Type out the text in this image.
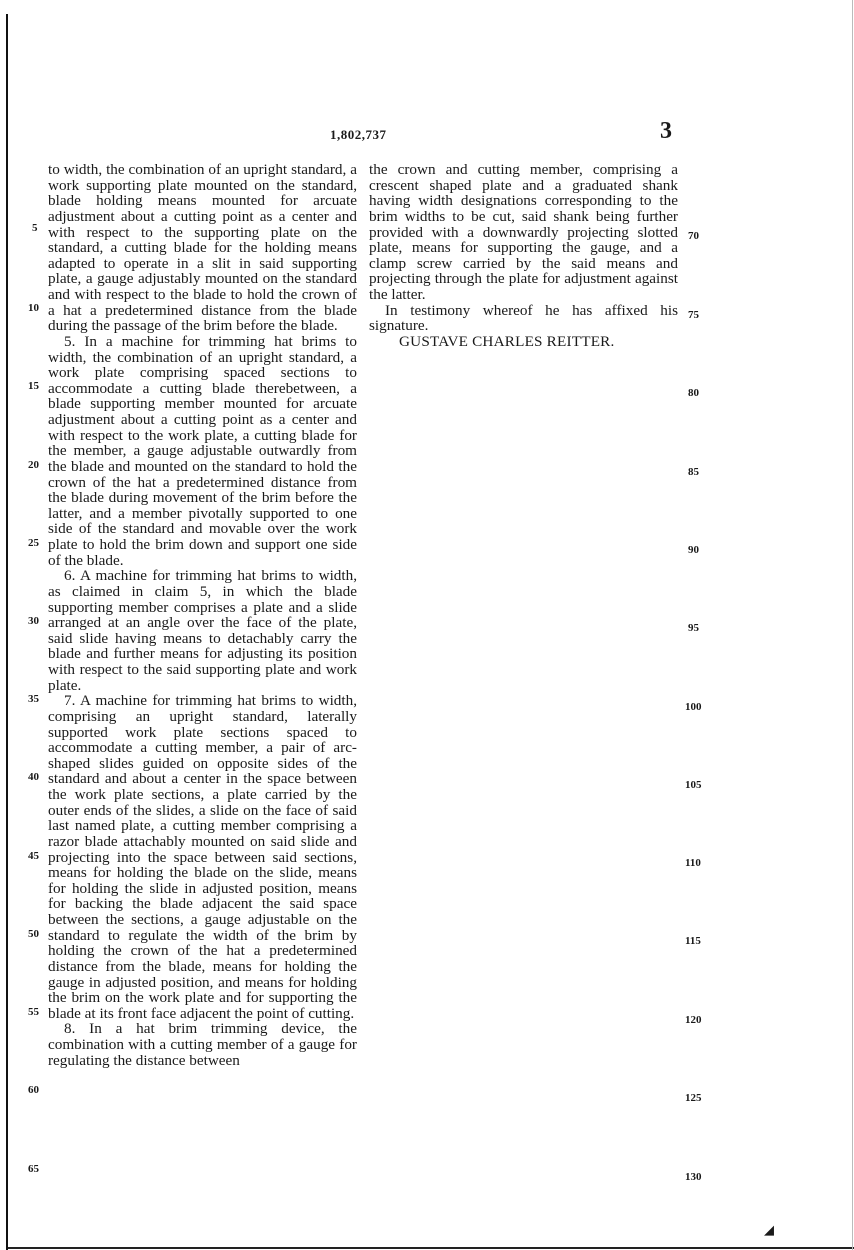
1,802,737	3

to width, the combination of an upright standard, a work supporting plate mounted on the standard, blade holding means mounted for arcuate adjustment about a cutting point as a center and with respect to the supporting plate on the standard, a cutting blade for the holding means adapted to operate in a slit in said supporting plate, a gauge adjustably mounted on the standard and with respect to the blade to hold the crown of a hat a predetermined distance from the blade during the passage of the brim before the blade.

5. In a machine for trimming hat brims to width, the combination of an upright standard, a work plate comprising spaced sections to accommodate a cutting blade therebetween, a blade supporting member mounted for arcuate adjustment about a cutting point as a center and with respect to the work plate, a cutting blade for the member, a gauge adjustable outwardly from the blade and mounted on the standard to hold the crown of the hat a predetermined distance from the blade during movement of the brim before the latter, and a member pivotally supported to one side of the standard and movable over the work plate to hold the brim down and support one side of the blade.

6. A machine for trimming hat brims to width, as claimed in claim 5, in which the blade supporting member comprises a plate and a slide arranged at an angle over the face of the plate, said slide having means to detachably carry the blade and further means for adjusting its position with respect to the said supporting plate and work plate.

7. A machine for trimming hat brims to width, comprising an upright standard, laterally supported work plate sections spaced to accommodate a cutting member, a pair of arc-shaped slides guided on opposite sides of the standard and about a center in the space between the work plate sections, a plate carried by the outer ends of the slides, a slide on the face of said last named plate, a cutting member comprising a razor blade attachably mounted on said slide and projecting into the space between said sections, means for holding the blade on the slide, means for holding the slide in adjusted position, means for backing the blade adjacent the said space between the sections, a gauge adjustable on the standard to regulate the width of the brim by holding the crown of the hat a predetermined distance from the blade, means for holding the gauge in adjusted position, and means for holding the brim on the work plate and for supporting the blade at its front face adjacent the point of cutting.

8. In a hat brim trimming device, the combination with a cutting member of a gauge for regulating the distance between

the crown and cutting member, comprising a crescent shaped plate and a graduated shank having width designations corresponding to the brim widths to be cut, said shank being further provided with a downwardly projecting slotted plate, means for supporting the gauge, and a clamp screw carried by the said means and projecting through the plate for adjustment against the latter.

In testimony whereof he has affixed his signature.

GUSTAVE CHARLES REITTER.

5
10
15
20
25
30
35
40
45
50
55
60
65
70
75
80
85
90
95
100
105
110
115
120
125
130
◢
